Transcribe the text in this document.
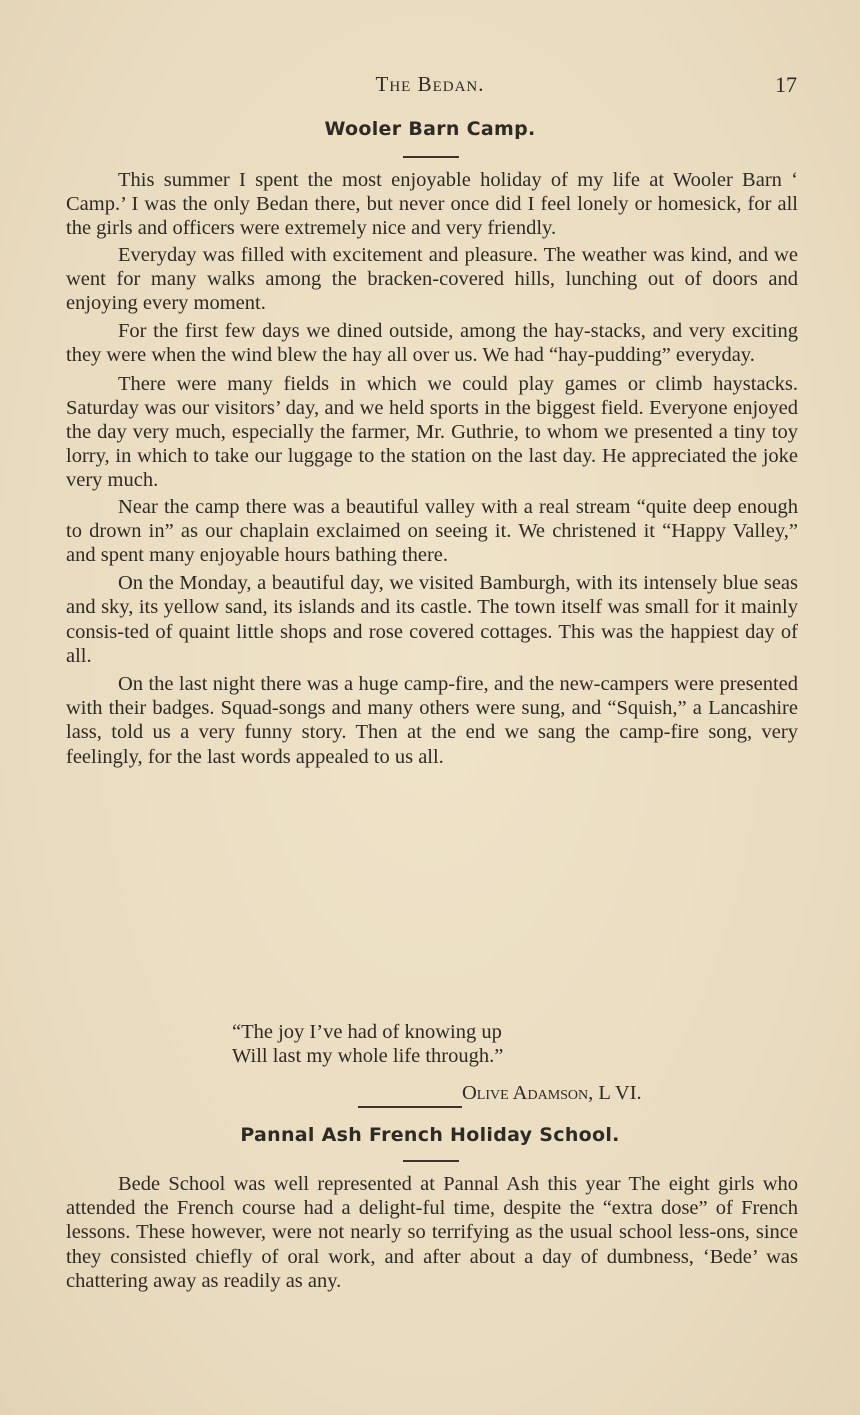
The Bedan.	17
Wooler Barn Camp.

This summer I spent the most enjoyable holiday of my life at Wooler Barn ‘ Camp.’ I was the only Bedan there, but never once did I feel lonely or homesick, for all the girls and officers were extremely nice and very friendly.

Everyday was filled with excitement and pleasure. The weather was kind, and we went for many walks among the bracken-covered hills, lunching out of doors and enjoying every moment.

For the first few days we dined outside, among the hay-stacks, and very exciting they were when the wind blew the hay all over us. We had “hay-pudding” everyday.

There were many fields in which we could play games or climb haystacks. Saturday was our visitors’ day, and we held sports in the biggest field. Everyone enjoyed the day very much, especially the farmer, Mr. Guthrie, to whom we presented a tiny toy lorry, in which to take our luggage to the station on the last day. He appreciated the joke very much.

Near the camp there was a beautiful valley with a real stream “quite deep enough to drown in” as our chaplain exclaimed on seeing it. We christened it “Happy Valley,” and spent many enjoyable hours bathing there.

On the Monday, a beautiful day, we visited Bamburgh, with its intensely blue seas and sky, its yellow sand, its islands and its castle. The town itself was small for it mainly consis-ted of quaint little shops and rose covered cottages. This was the happiest day of all.

On the last night there was a huge camp-fire, and the new-campers were presented with their badges. Squad-songs and many others were sung, and “Squish,” a Lancashire lass, told us a very funny story. Then at the end we sang the camp-fire song, very feelingly, for the last words appealed to us all.

“The joy I’ve had of knowing up
Will last my whole life through.”
Olive Adamson, L VI.
Pannal Ash French Holiday School.

Bede School was well represented at Pannal Ash this year The eight girls who attended the French course had a delight-ful time, despite the “extra dose” of French lessons. These however, were not nearly so terrifying as the usual school less-ons, since they consisted chiefly of oral work, and after about a day of dumbness, ‘Bede’ was chattering away as readily as any.
